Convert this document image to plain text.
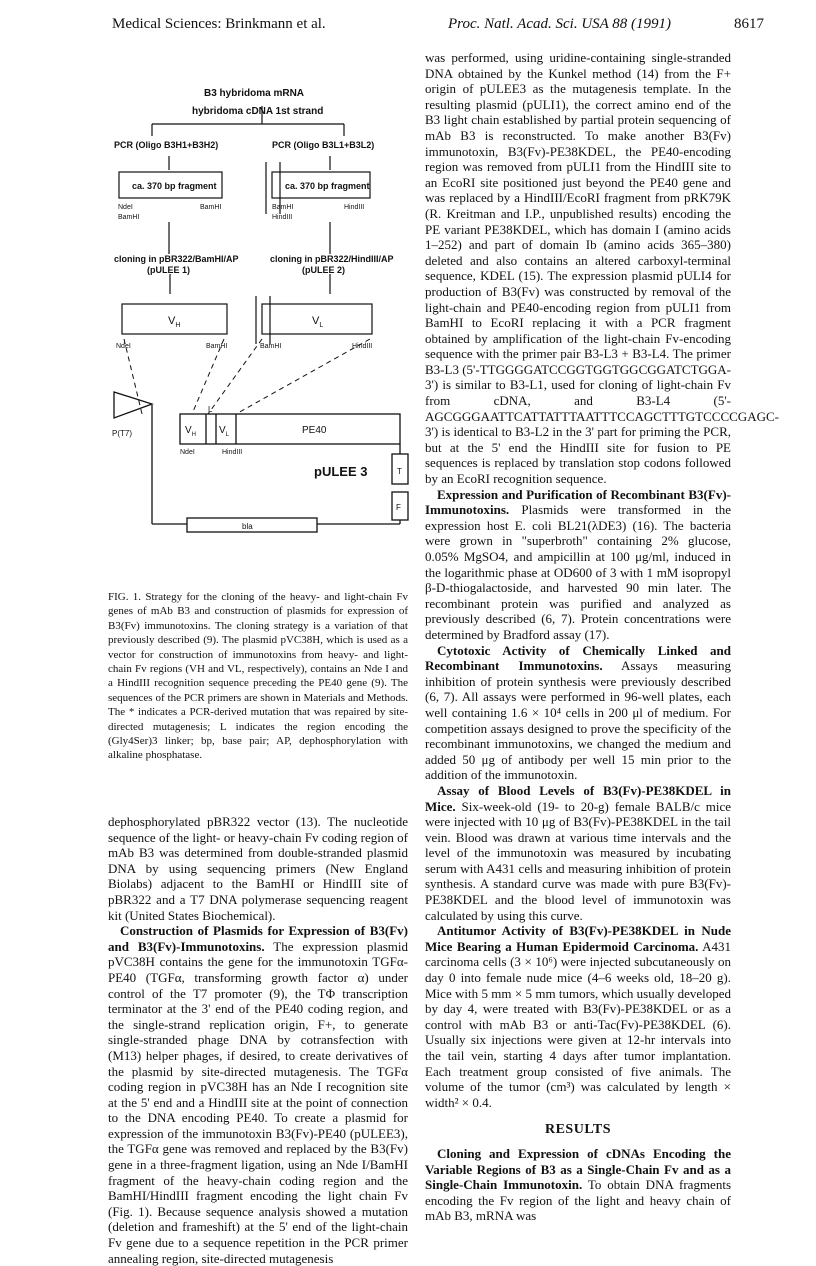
Medical Sciences: Brinkmann et al.	Proc. Natl. Acad. Sci. USA 88 (1991)	8617
B3 hybridoma mRNA
hybridoma cDNA 1st strand
PCR (Oligo B3H1+B3H2)	PCR (Oligo B3L1+B3L2)
ca. 370 bp fragment	ca. 370 bp fragment
NdeI
BamHI
BamHI	BamHI
HindIII
HindIII
cloning in pBR322/BamHI/AP
(pULEE 1)
cloning in pBR322/HindIII/AP
(pULEE 2)
$V_H$	$V_L$
NdeI	BamHI	BamHI	HindIII
$V_H$
L
$V_L$	PE40
P(T7)
NdeI	HindIII
pULEE 3	T
F
bla
FIG. 1. Strategy for the cloning of the heavy- and light-chain Fv genes of mAb B3 and construction of plasmids for expression of B3(Fv) immunotoxins. The cloning strategy is a variation of that previously described (9). The plasmid pVC38H, which is used as a vector for construction of immunotoxins from heavy- and light-chain Fv regions (VH and VL, respectively), contains an Nde I and a HindIII recognition sequence preceding the PE40 gene (9). The sequences of the PCR primers are shown in Materials and Methods. The * indicates a PCR-derived mutation that was repaired by site-directed mutagenesis; L indicates the region encoding the (Gly4Ser)3 linker; bp, base pair; AP, dephosphorylation with alkaline phosphatase.

dephosphorylated pBR322 vector (13). The nucleotide sequence of the light- or heavy-chain Fv coding region of mAb B3 was determined from double-stranded plasmid DNA by using sequencing primers (New England Biolabs) adjacent to the BamHI or HindIII site of pBR322 and a T7 DNA polymerase sequencing reagent kit (United States Biochemical).

Construction of Plasmids for Expression of B3(Fv) and B3(Fv)-Immunotoxins. The expression plasmid pVC38H contains the gene for the immunotoxin TGFα-PE40 (TGFα, transforming growth factor α) under control of the T7 promoter (9), the TΦ transcription terminator at the 3' end of the PE40 coding region, and the single-strand replication origin, F+, to generate single-stranded phage DNA by cotransfection with (M13) helper phages, if desired, to create derivatives of the plasmid by site-directed mutagenesis. The TGFα coding region in pVC38H has an Nde I recognition site at the 5' end and a HindIII site at the point of connection to the DNA encoding PE40. To create a plasmid for expression of the immunotoxin B3(Fv)-PE40 (pULEE3), the TGFα gene was removed and replaced by the B3(Fv) gene in a three-fragment ligation, using an Nde I/BamHI fragment of the heavy-chain coding region and the BamHI/HindIII fragment encoding the light chain Fv (Fig. 1). Because sequence analysis showed a mutation (deletion and frameshift) at the 5' end of the light-chain Fv gene due to a sequence repetition in the PCR primer annealing region, site-directed mutagenesis

was performed, using uridine-containing single-stranded DNA obtained by the Kunkel method (14) from the F+ origin of pULEE3 as the mutagenesis template. In the resulting plasmid (pULI1), the correct amino end of the B3 light chain established by partial protein sequencing of mAb B3 is reconstructed. To make another B3(Fv) immunotoxin, B3(Fv)-PE38KDEL, the PE40-encoding region was removed from pULI1 from the HindIII site to an EcoRI site positioned just beyond the PE40 gene and was replaced by a HindIII/EcoRI fragment from pRK79K (R. Kreitman and I.P., unpublished results) encoding the PE variant PE38KDEL, which has domain I (amino acids 1–252) and part of domain Ib (amino acids 365–380) deleted and also contains an altered carboxyl-terminal sequence, KDEL (15). The expression plasmid pULI4 for production of B3(Fv) was constructed by removal of the light-chain and PE40-encoding region from pULI1 from BamHI to EcoRI replacing it with a PCR fragment obtained by amplification of the light-chain Fv-encoding sequence with the primer pair B3-L3 + B3-L4. The primer B3-L3 (5'-TTGGGGATCCGGTGGTGGCGGATCTGGA-3') is similar to B3-L1, used for cloning of light-chain Fv from cDNA, and B3-L4 (5'-AGCGGGAATTCATTATTTAATTTCCAGCTTTGTCCCCGAGC-3') is identical to B3-L2 in the 3' part for priming the PCR, but at the 5' end the HindIII site for fusion to PE sequences is replaced by translation stop codons followed by an EcoRI recognition sequence.

Expression and Purification of Recombinant B3(Fv)-Immunotoxins. Plasmids were transformed in the expression host E. coli BL21(λDE3) (16). The bacteria were grown in "superbroth" containing 2% glucose, 0.05% MgSO4, and ampicillin at 100 μg/ml, induced in the logarithmic phase at OD600 of 3 with 1 mM isopropyl β-D-thiogalactoside, and harvested 90 min later. The recombinant protein was purified and analyzed as previously described (6, 7). Protein concentrations were determined by Bradford assay (17).

Cytotoxic Activity of Chemically Linked and Recombinant Immunotoxins. Assays measuring inhibition of protein synthesis were previously described (6, 7). All assays were performed in 96-well plates, each well containing 1.6 × 10⁴ cells in 200 μl of medium. For competition assays designed to prove the specificity of the recombinant immunotoxins, we changed the medium and added 50 μg of antibody per well 15 min prior to the addition of the immunotoxin.

Assay of Blood Levels of B3(Fv)-PE38KDEL in Mice. Six-week-old (19- to 20-g) female BALB/c mice were injected with 10 μg of B3(Fv)-PE38KDEL in the tail vein. Blood was drawn at various time intervals and the level of the immunotoxin was measured by incubating serum with A431 cells and measuring inhibition of protein synthesis. A standard curve was made with pure B3(Fv)-PE38KDEL and the blood level of immunotoxin was calculated by using this curve.

Antitumor Activity of B3(Fv)-PE38KDEL in Nude Mice Bearing a Human Epidermoid Carcinoma. A431 carcinoma cells (3 × 10⁶) were injected subcutaneously on day 0 into female nude mice (4–6 weeks old, 18–20 g). Mice with 5 mm × 5 mm tumors, which usually developed by day 4, were treated with B3(Fv)-PE38KDEL or as a control with mAb B3 or anti-Tac(Fv)-PE38KDEL (6). Usually six injections were given at 12-hr intervals into the tail vein, starting 4 days after tumor implantation. Each treatment group consisted of five animals. The volume of the tumor (cm³) was calculated by length × width² × 0.4.

RESULTS

Cloning and Expression of cDNAs Encoding the Variable Regions of B3 as a Single-Chain Fv and as a Single-Chain Immunotoxin. To obtain DNA fragments encoding the Fv region of the light and heavy chain of mAb B3, mRNA was
